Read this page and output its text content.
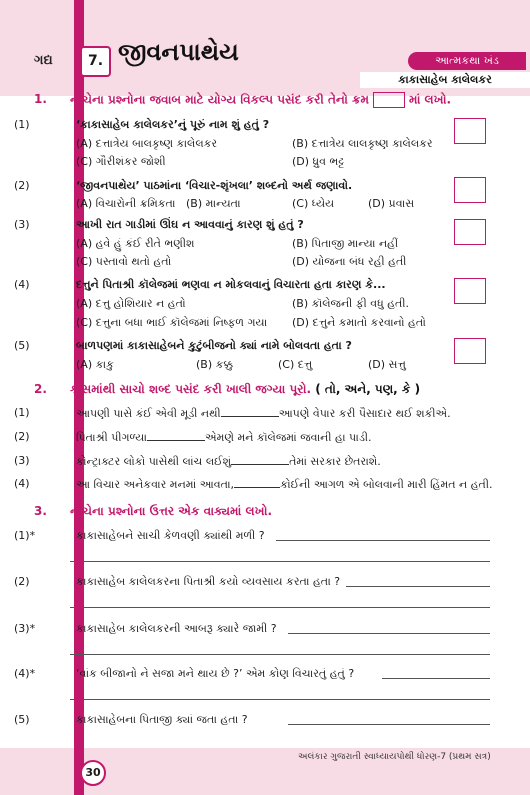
ગદ્ય	7. જીવનપાથેય	આત્મકથા ખંડ
કાકાસાહેબ કાલેલકર
1. નીચેના પ્રશ્નોના જવાબ માટે યોગ્ય વિકલ્પ પસંદ કરી તેનો ક્રમ	માં લખો.
(1)	‘કાકાસાહેબ કાલેલકર’નું પૂરું નામ શું હતું ?
(A) દત્તાત્રેય બાલકૃષ્ણ કાલેલકર	(B) દત્તાત્રેય લાલકૃષ્ણ કાલેલકર
(C) ગૌરીશંકર જોશી	(D) ધ્રુવ ભટ્ટ
(2)	‘જીવનપાથેય’ પાઠમાંના ‘વિચાર-શૃંખલા’ શબ્દનો અર્થ જણાવો.
(A) વિચારોની ક્રમિકતા (B) માન્યતા	(C) ધ્યેય	(D) પ્રવાસ
(3)	આખી રાત ગાડીમાં ઊંઘ ન આવવાનું કારણ શું હતું ?
(A) હવે હું કંઈ રીતે ભણીશ	(B) પિતાજી માન્યા નહીં
(C) પસ્તાવો થતો હતો	(D) યોજના બંધ રહી હતી
(4)	દત્તુને પિતાશ્રી કૉલેજમાં ભણવા ન મોકલવાનું વિચારતા હતા કારણ કે...
(A) દત્તુ હોશિયાર ન હતો	(B) કૉલેજની ફી વધુ હતી.
(C) દત્તુના બધા ભાઈ કૉલેજમાં નિષ્ફળ ગયા (D) દત્તુને કમાતો કરવાનો હતો
(5)	બાળપણમાં કાકાસાહેબને કુટુંબીજનો ક્યાં નામે બોલવતા હતા ?
(A) કાકુ	(B) કક્કુ	(C) દત્તુ	(D) સત્તુ
2. કૌંસમાંથી સાચો શબ્દ પસંદ કરી ખાલી જગ્યા પૂરો. ( તો, અને, પણ, કે )
(1)	આપણી પાસે કંઈ એવી મૂડી નથી	આપણે વેપાર કરી પૈસાદાર થઈ શકીએ.
(2)	પિતાશ્રી પીગળ્યા	એમણે મને કૉલેજમાં જવાની હા પાડી.
(3)	કોન્ટ્રાક્ટર લોકો પાસેથી લાંચ લઈશું	તેમાં સરકાર છેતરાશે.
(4)	આ વિચાર અનેકવાર મનમાં આવતા,	કોઈની આગળ એ બોલવાની મારી હિંમત ન હતી.
3. નીચેના પ્રશ્નોના ઉત્તર એક વાક્યમાં લખો.
(1)*	કાકાસાહેબને સાચી કેળવણી ક્યાંથી મળી ?
(2)	કાકાસાહેબ કાલેલકરના પિતાશ્રી કયો વ્યવસાય કરતા હતા ?
(3)*	કાકાસાહેબ કાલેલકરની આબરૂ ક્યારે જામી ?
(4)*	‘વાંક બીજાનો ને સજા મને થાય છે ?’ એમ કોણ વિચારતું હતું ?
(5)	કાકાસાહેબના પિતાજી ક્યાં જતા હતા ?
30
અલંકાર ગુજરાતી સ્વાધ્યાયપોથી ધોરણ-7 (પ્રથમ સત્ર)
